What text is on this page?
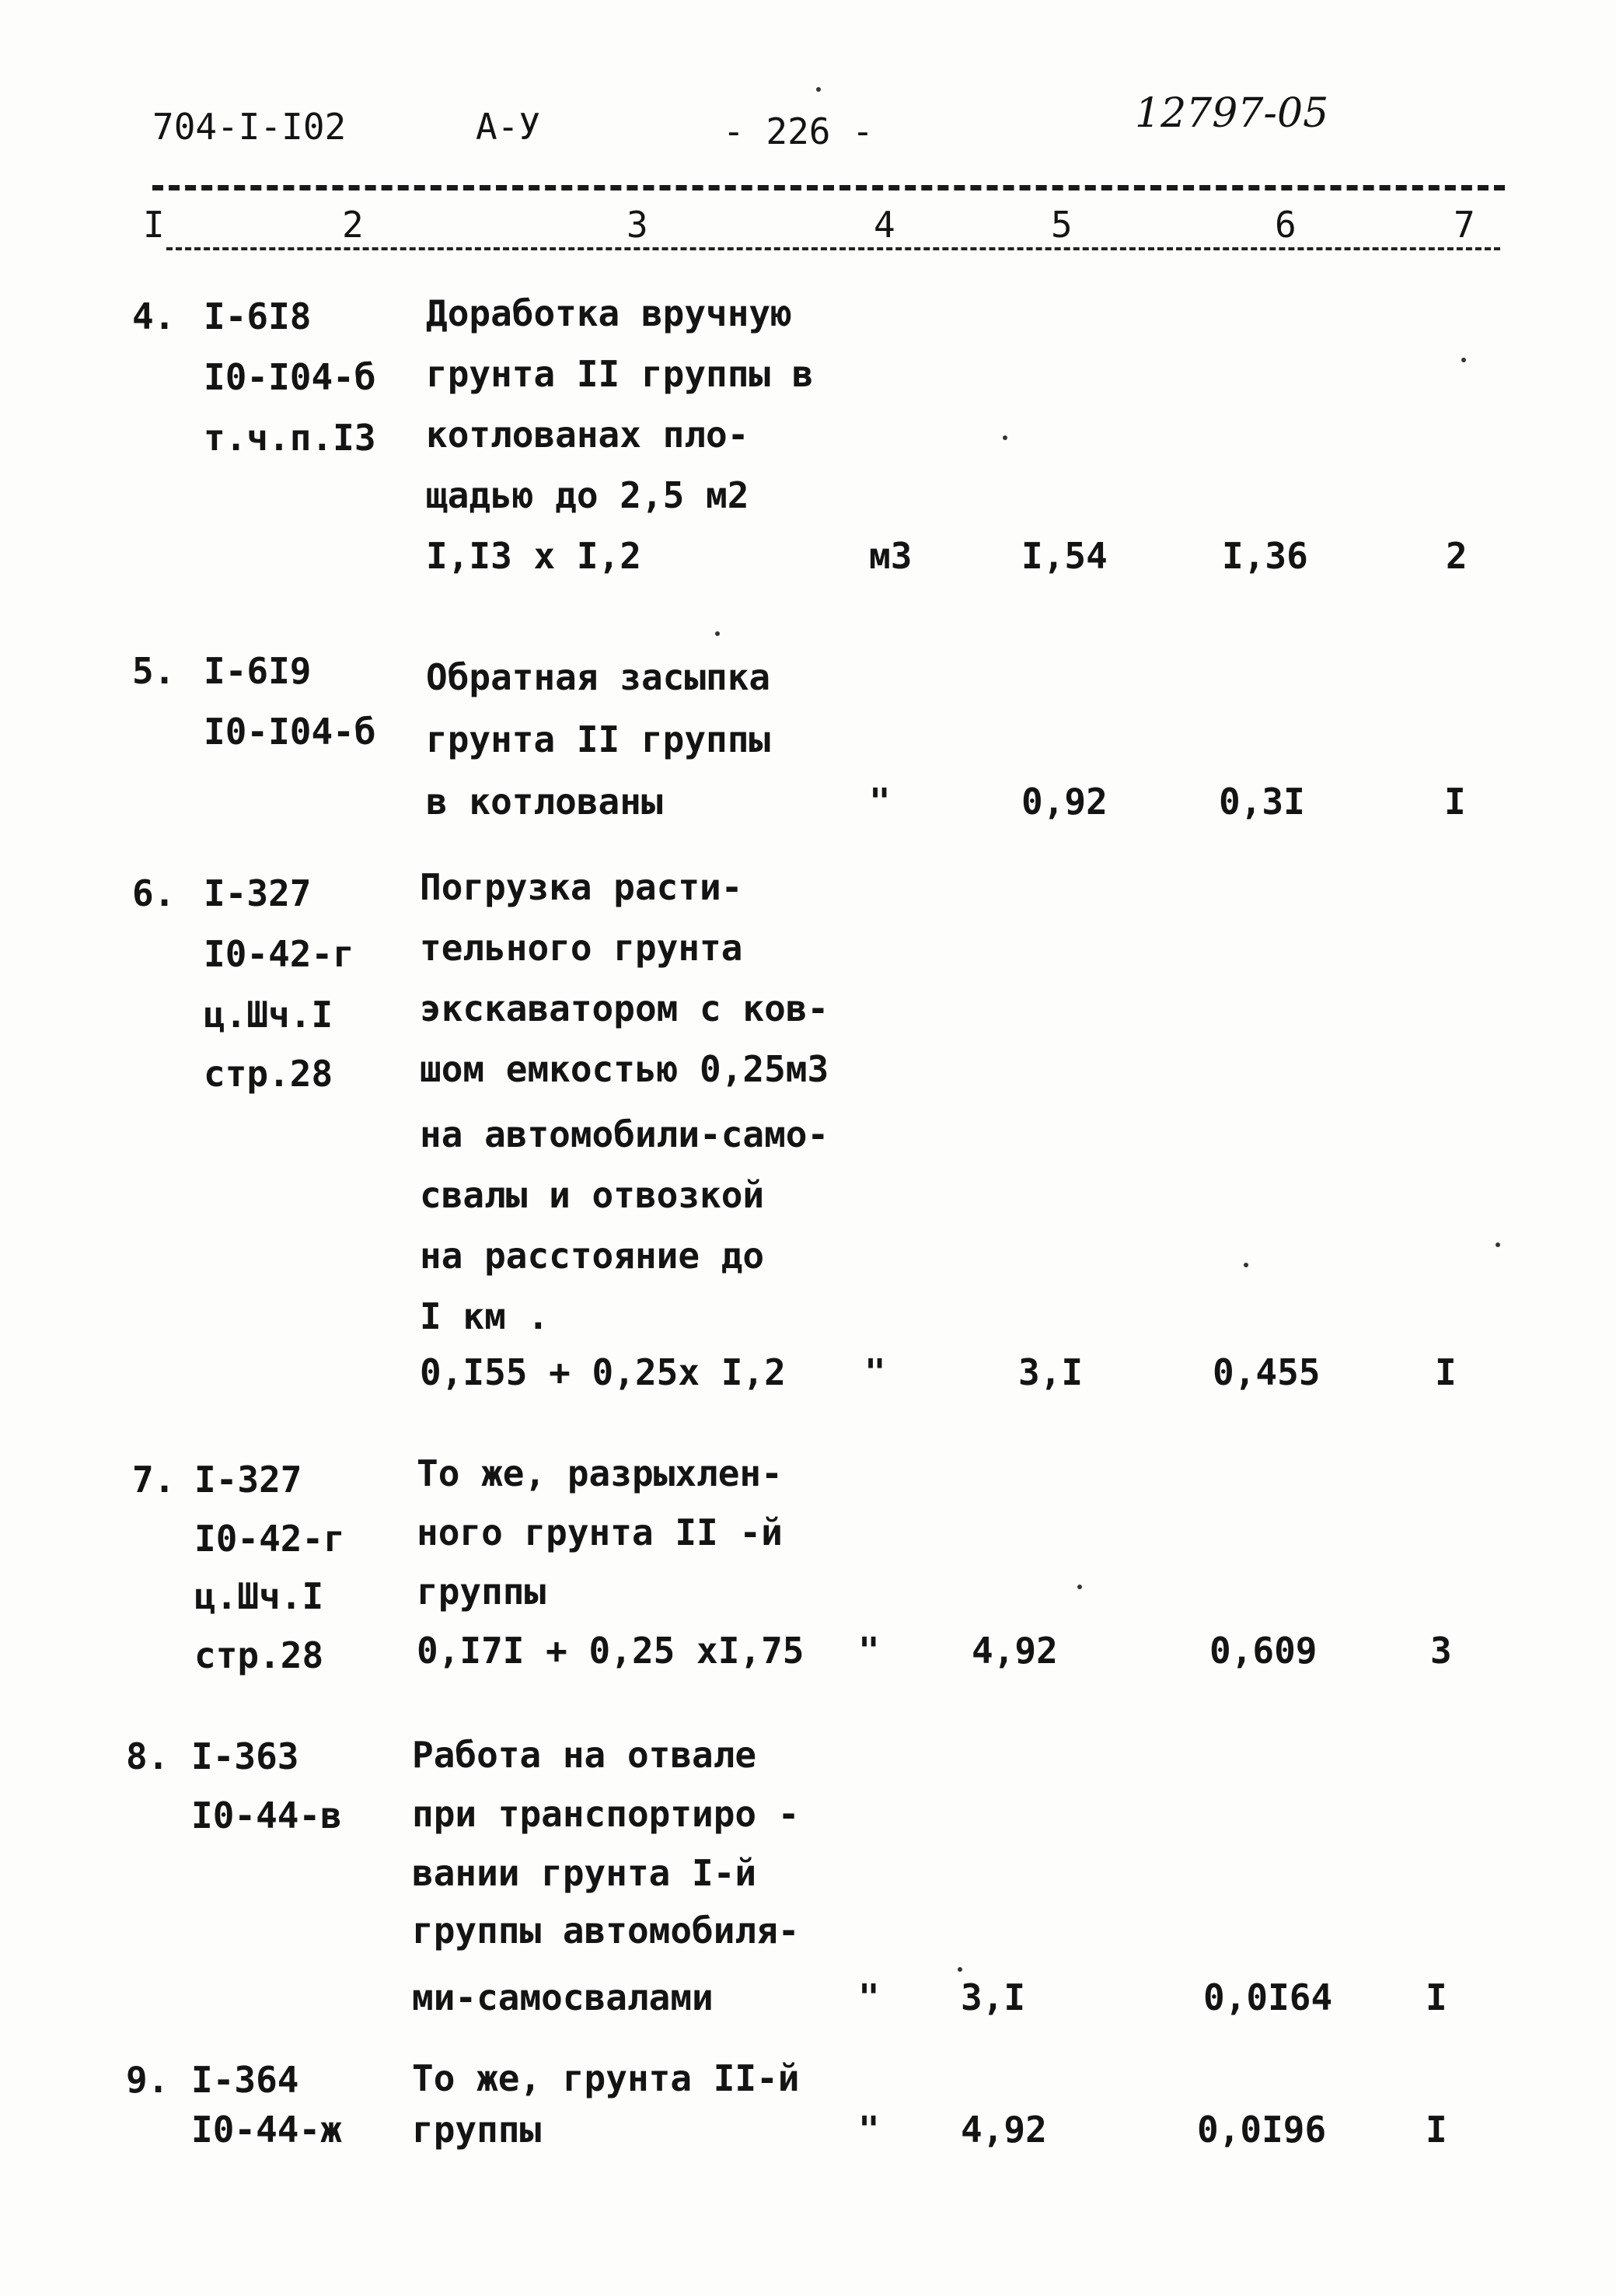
704-I-I02	А-У	- 226 -	12797-05
I	2	3	4	5	6	7
4. I-6I8
I0-I04-б
т.ч.п.I3
Доработка вручную
грунта II группы в
котлованах пло-
щадью до 2,5 м2
I,I3 x I,2	м3	I,54	I,36	2
5. I-6I9
I0-I04-б
Обратная засыпка
грунта II группы
в котлованы	"	0,92	0,3I	I
6. I-327
I0-42-г
ц.Шч.I
стр.28
Погрузка расти-
тельного грунта
экскаватором с ков-
шом емкостью 0,25м3
на автомобили-само-
свалы и отвозкой
на расстояние до
I км .
0,I55 + 0,25x I,2 "	3,I	0,455	I
7. I-327
I0-42-г
ц.Шч.I
стр.28
То же, разрыхлен-
ного грунта II -й
группы
0,I7I + 0,25 xI,75 "	4,92	0,609	3
8. I-363
I0-44-в
Работа на отвале
при транспортиро -
вании грунта I-й
группы автомобиля-
ми-самосвалами	" 3,I	0,0I64	I
9. I-364
I0-44-ж
То же, грунта II-й
группы	" 4,92	0,0I96	I
